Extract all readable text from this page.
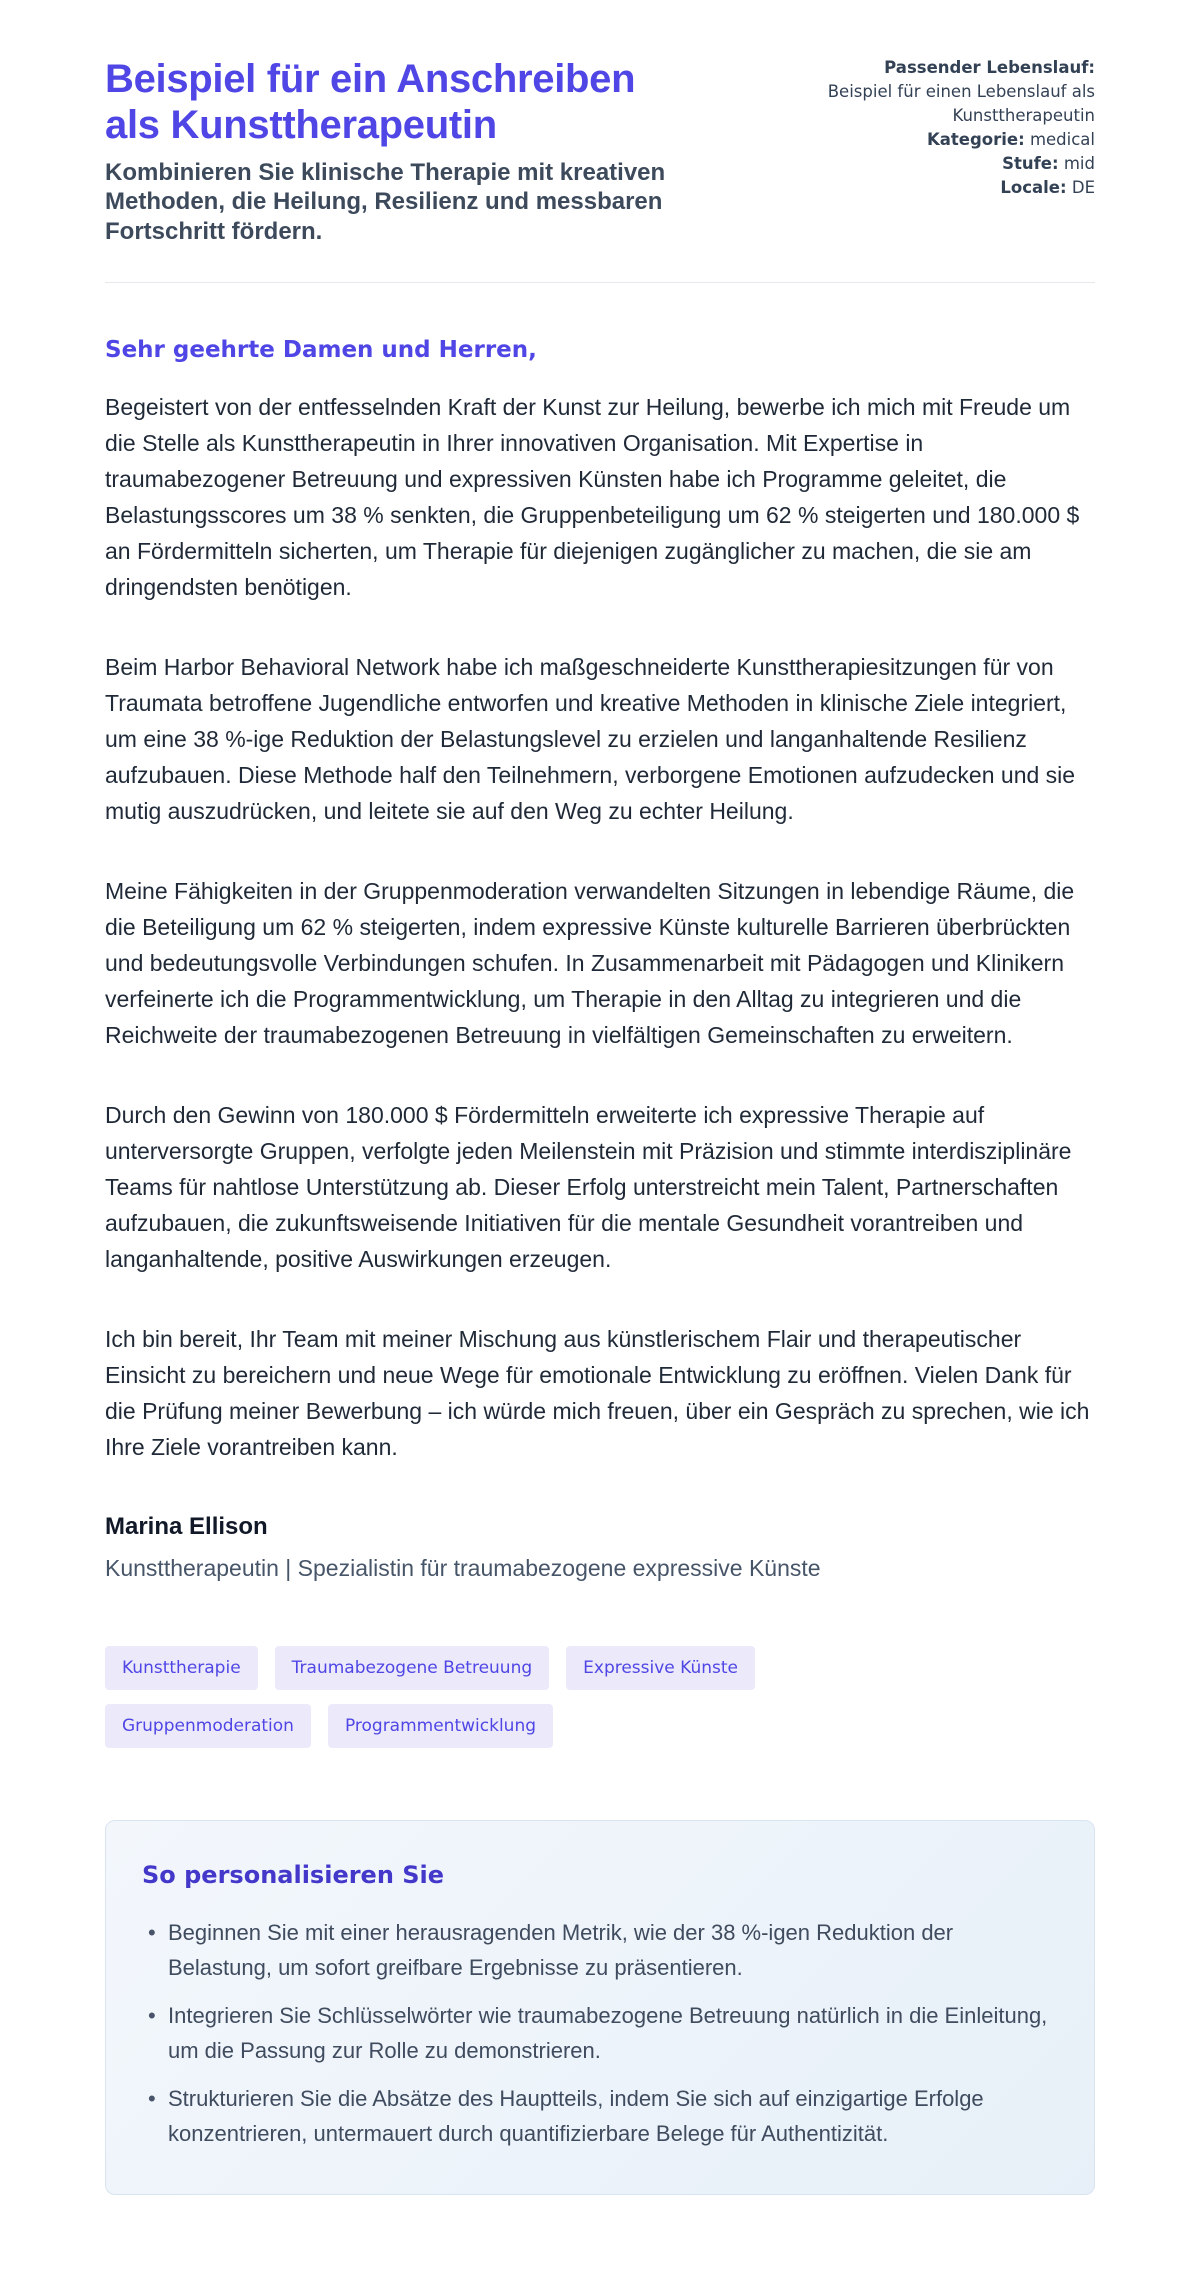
Beispiel für ein Anschreiben als Kunsttherapeutin
Kombinieren Sie klinische Therapie mit kreativen Methoden, die Heilung, Resilienz und messbaren Fortschritt fördern.
Passender Lebenslauf:
Beispiel für einen Lebenslauf als Kunsttherapeutin
Kategorie: medical
Stufe: mid
Locale: DE
Sehr geehrte Damen und Herren,

Begeistert von der entfesselnden Kraft der Kunst zur Heilung, bewerbe ich mich mit Freude um die Stelle als Kunsttherapeutin in Ihrer innovativen Organisation. Mit Expertise in traumabezogener Betreuung und expressiven Künsten habe ich Programme geleitet, die Belastungsscores um 38 % senkten, die Gruppenbeteiligung um 62 % steigerten und 180.000 $ an Fördermitteln sicherten, um Therapie für diejenigen zugänglicher zu machen, die sie am dringendsten benötigen.

Beim Harbor Behavioral Network habe ich maßgeschneiderte Kunsttherapiesitzungen für von Traumata betroffene Jugendliche entworfen und kreative Methoden in klinische Ziele integriert, um eine 38 %-ige Reduktion der Belastungslevel zu erzielen und langanhaltende Resilienz aufzubauen. Diese Methode half den Teilnehmern, verborgene Emotionen aufzudecken und sie mutig auszudrücken, und leitete sie auf den Weg zu echter Heilung.

Meine Fähigkeiten in der Gruppenmoderation verwandelten Sitzungen in lebendige Räume, die die Beteiligung um 62 % steigerten, indem expressive Künste kulturelle Barrieren überbrückten und bedeutungsvolle Verbindungen schufen. In Zusammenarbeit mit Pädagogen und Klinikern verfeinerte ich die Programmentwicklung, um Therapie in den Alltag zu integrieren und die Reichweite der traumabezogenen Betreuung in vielfältigen Gemeinschaften zu erweitern.

Durch den Gewinn von 180.000 $ Fördermitteln erweiterte ich expressive Therapie auf unterversorgte Gruppen, verfolgte jeden Meilenstein mit Präzision und stimmte interdisziplinäre Teams für nahtlose Unterstützung ab. Dieser Erfolg unterstreicht mein Talent, Partnerschaften aufzubauen, die zukunftsweisende Initiativen für die mentale Gesundheit vorantreiben und langanhaltende, positive Auswirkungen erzeugen.

Ich bin bereit, Ihr Team mit meiner Mischung aus künstlerischem Flair und therapeutischer Einsicht zu bereichern und neue Wege für emotionale Entwicklung zu eröffnen. Vielen Dank für die Prüfung meiner Bewerbung – ich würde mich freuen, über ein Gespräch zu sprechen, wie ich Ihre Ziele vorantreiben kann.

Marina Ellison
Kunsttherapeutin | Spezialistin für traumabezogene expressive Künste
Kunsttherapie	Traumabezogene Betreuung	Expressive Künste
Gruppenmoderation	Programmentwicklung
So personalisieren Sie
• Beginnen Sie mit einer herausragenden Metrik, wie der 38 %-igen Reduktion der Belastung, um sofort greifbare Ergebnisse zu präsentieren.
• Integrieren Sie Schlüsselwörter wie traumabezogene Betreuung natürlich in die Einleitung, um die Passung zur Rolle zu demonstrieren.
• Strukturieren Sie die Absätze des Hauptteils, indem Sie sich auf einzigartige Erfolge konzentrieren, untermauert durch quantifizierbare Belege für Authentizität.
